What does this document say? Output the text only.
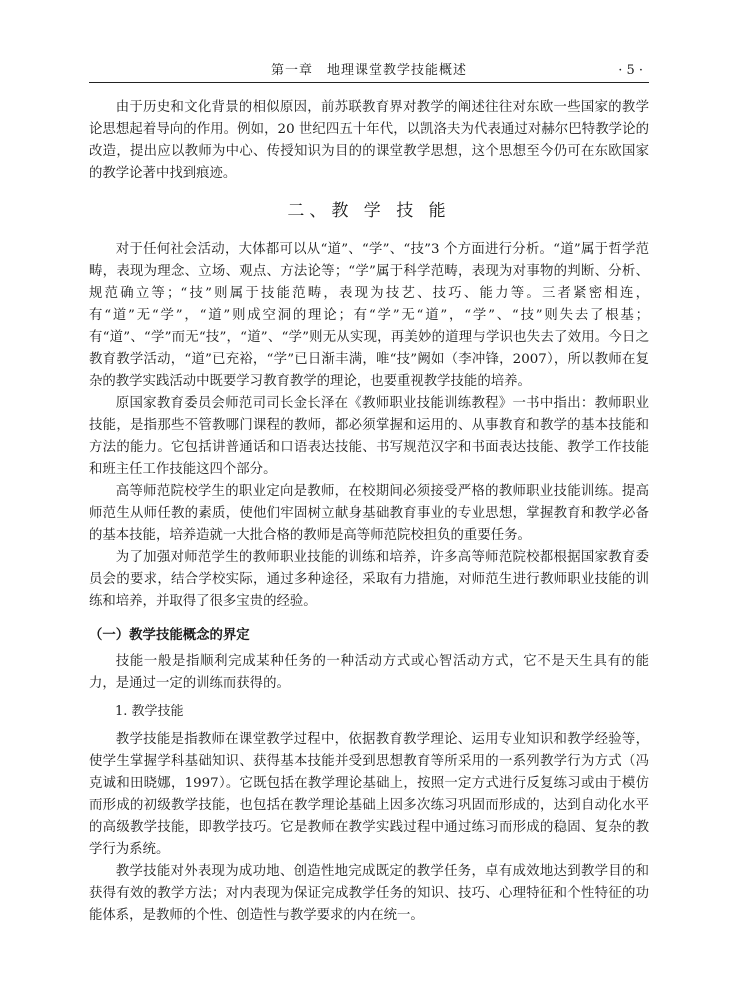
第一章　地理课堂教学技能概述	· 5 ·

由于历史和文化背景的相似原因，前苏联教育界对教学的阐述往往对东欧一些国家的教学论思想起着导向的作用。例如，20 世纪四五十年代，以凯洛夫为代表通过对赫尔巴特教学论的改造，提出应以教师为中心、传授知识为目的的课堂教学思想，这个思想至今仍可在东欧国家的教学论著中找到痕迹。

二、教 学 技 能

对于任何社会活动，大体都可以从“道”、“学”、“技”3 个方面进行分析。“道”属于哲学范畴，表现为理念、立场、观点、方法论等；“学”属于科学范畴，表现为对事物的判断、分析、规范确立等；“技”则属于技能范畴，表现为技艺、技巧、能力等。三者紧密相连，有“道”无“学”，“道”则成空洞的理论；有“学”无“道”，“学”、“技”则失去了根基；有“道”、“学”而无“技”，“道”、“学”则无从实现，再美妙的道理与学识也失去了效用。今日之教育教学活动，“道”已充裕，“学”已日渐丰满，唯“技”阙如（李冲锋，2007），所以教师在复杂的教学实践活动中既要学习教育教学的理论，也要重视教学技能的培养。

原国家教育委员会师范司司长金长泽在《教师职业技能训练教程》一书中指出：教师职业技能，是指那些不管教哪门课程的教师，都必须掌握和运用的、从事教育和教学的基本技能和方法的能力。它包括讲普通话和口语表达技能、书写规范汉字和书面表达技能、教学工作技能和班主任工作技能这四个部分。

高等师范院校学生的职业定向是教师，在校期间必须接受严格的教师职业技能训练。提高师范生从师任教的素质，使他们牢固树立献身基础教育事业的专业思想，掌握教育和教学必备的基本技能，培养造就一大批合格的教师是高等师范院校担负的重要任务。

为了加强对师范学生的教师职业技能的训练和培养，许多高等师范院校都根据国家教育委员会的要求，结合学校实际，通过多种途径，采取有力措施，对师范生进行教师职业技能的训练和培养，并取得了很多宝贵的经验。

（一）教学技能概念的界定

技能一般是指顺利完成某种任务的一种活动方式或心智活动方式，它不是天生具有的能力，是通过一定的训练而获得的。

1. 教学技能

教学技能是指教师在课堂教学过程中，依据教育教学理论、运用专业知识和教学经验等，使学生掌握学科基础知识、获得基本技能并受到思想教育等所采用的一系列教学行为方式（冯克诚和田晓娜，1997）。它既包括在教学理论基础上，按照一定方式进行反复练习或由于模仿而形成的初级教学技能，也包括在教学理论基础上因多次练习巩固而形成的，达到自动化水平的高级教学技能，即教学技巧。它是教师在教学实践过程中通过练习而形成的稳固、复杂的教学行为系统。

教学技能对外表现为成功地、创造性地完成既定的教学任务，卓有成效地达到教学目的和获得有效的教学方法；对内表现为保证完成教学任务的知识、技巧、心理特征和个性特征的功能体系，是教师的个性、创造性与教学要求的内在统一。
